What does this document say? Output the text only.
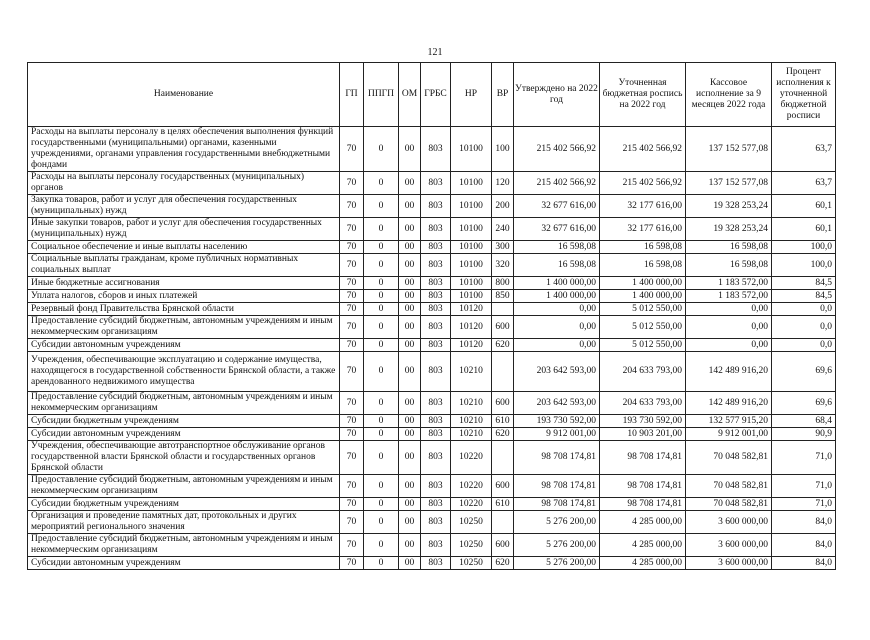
121
Наименование	ГП	ППГП	ОМ	ГРБС	НР	ВР	Утверждено на 2022 год	Уточненная бюджетная роспись на 2022 год	Кассовое исполнение за 9 месяцев 2022 года	Процент исполнения к уточненной бюджетной росписи
Расходы на выплаты персоналу в целях обеспечения выполнения функций государственными (муниципальными) органами, казенными учреждениями, органами управления государственными внебюджетными фондами	70	0	00	803	10100	100	215 402 566,92	215 402 566,92	137 152 577,08	63,7
Расходы на выплаты персоналу государственных (муниципальных) органов	70	0	00	803	10100	120	215 402 566,92	215 402 566,92	137 152 577,08	63,7
Закупка товаров, работ и услуг для обеспечения государственных (муниципальных) нужд	70	0	00	803	10100	200	32 677 616,00	32 177 616,00	19 328 253,24	60,1
Иные закупки товаров, работ и услуг для обеспечения государственных (муниципальных) нужд	70	0	00	803	10100	240	32 677 616,00	32 177 616,00	19 328 253,24	60,1
Социальное обеспечение и иные выплаты населению	70	0	00	803	10100	300	16 598,08	16 598,08	16 598,08	100,0
Социальные выплаты гражданам, кроме публичных нормативных социальных выплат	70	0	00	803	10100	320	16 598,08	16 598,08	16 598,08	100,0
Иные бюджетные ассигнования	70	0	00	803	10100	800	1 400 000,00	1 400 000,00	1 183 572,00	84,5
Уплата налогов, сборов и иных платежей	70	0	00	803	10100	850	1 400 000,00	1 400 000,00	1 183 572,00	84,5
Резервный фонд Правительства Брянской области	70	0	00	803	10120		0,00	5 012 550,00	0,00	0,0
Предоставление субсидий бюджетным, автономным учреждениям и иным некоммерческим организациям	70	0	00	803	10120	600	0,00	5 012 550,00	0,00	0,0
Субсидии автономным учреждениям	70	0	00	803	10120	620	0,00	5 012 550,00	0,00	0,0
Учреждения, обеспечивающие эксплуатацию и содержание имущества, находящегося в государственной собственности Брянской области, а также арендованного недвижимого имущества	70	0	00	803	10210		203 642 593,00	204 633 793,00	142 489 916,20	69,6
Предоставление субсидий бюджетным, автономным учреждениям и иным некоммерческим организациям	70	0	00	803	10210	600	203 642 593,00	204 633 793,00	142 489 916,20	69,6
Субсидии бюджетным учреждениям	70	0	00	803	10210	610	193 730 592,00	193 730 592,00	132 577 915,20	68,4
Субсидии автономным учреждениям	70	0	00	803	10210	620	9 912 001,00	10 903 201,00	9 912 001,00	90,9
Учреждения, обеспечивающие автотранспортное обслуживание органов государственной власти Брянской области и государственных органов Брянской области	70	0	00	803	10220		98 708 174,81	98 708 174,81	70 048 582,81	71,0
Предоставление субсидий бюджетным, автономным учреждениям и иным некоммерческим организациям	70	0	00	803	10220	600	98 708 174,81	98 708 174,81	70 048 582,81	71,0
Субсидии бюджетным учреждениям	70	0	00	803	10220	610	98 708 174,81	98 708 174,81	70 048 582,81	71,0
Организация и проведение памятных дат, протокольных и других мероприятий регионального значения	70	0	00	803	10250		5 276 200,00	4 285 000,00	3 600 000,00	84,0
Предоставление субсидий бюджетным, автономным учреждениям и иным некоммерческим организациям	70	0	00	803	10250	600	5 276 200,00	4 285 000,00	3 600 000,00	84,0
Субсидии автономным учреждениям	70	0	00	803	10250	620	5 276 200,00	4 285 000,00	3 600 000,00	84,0
